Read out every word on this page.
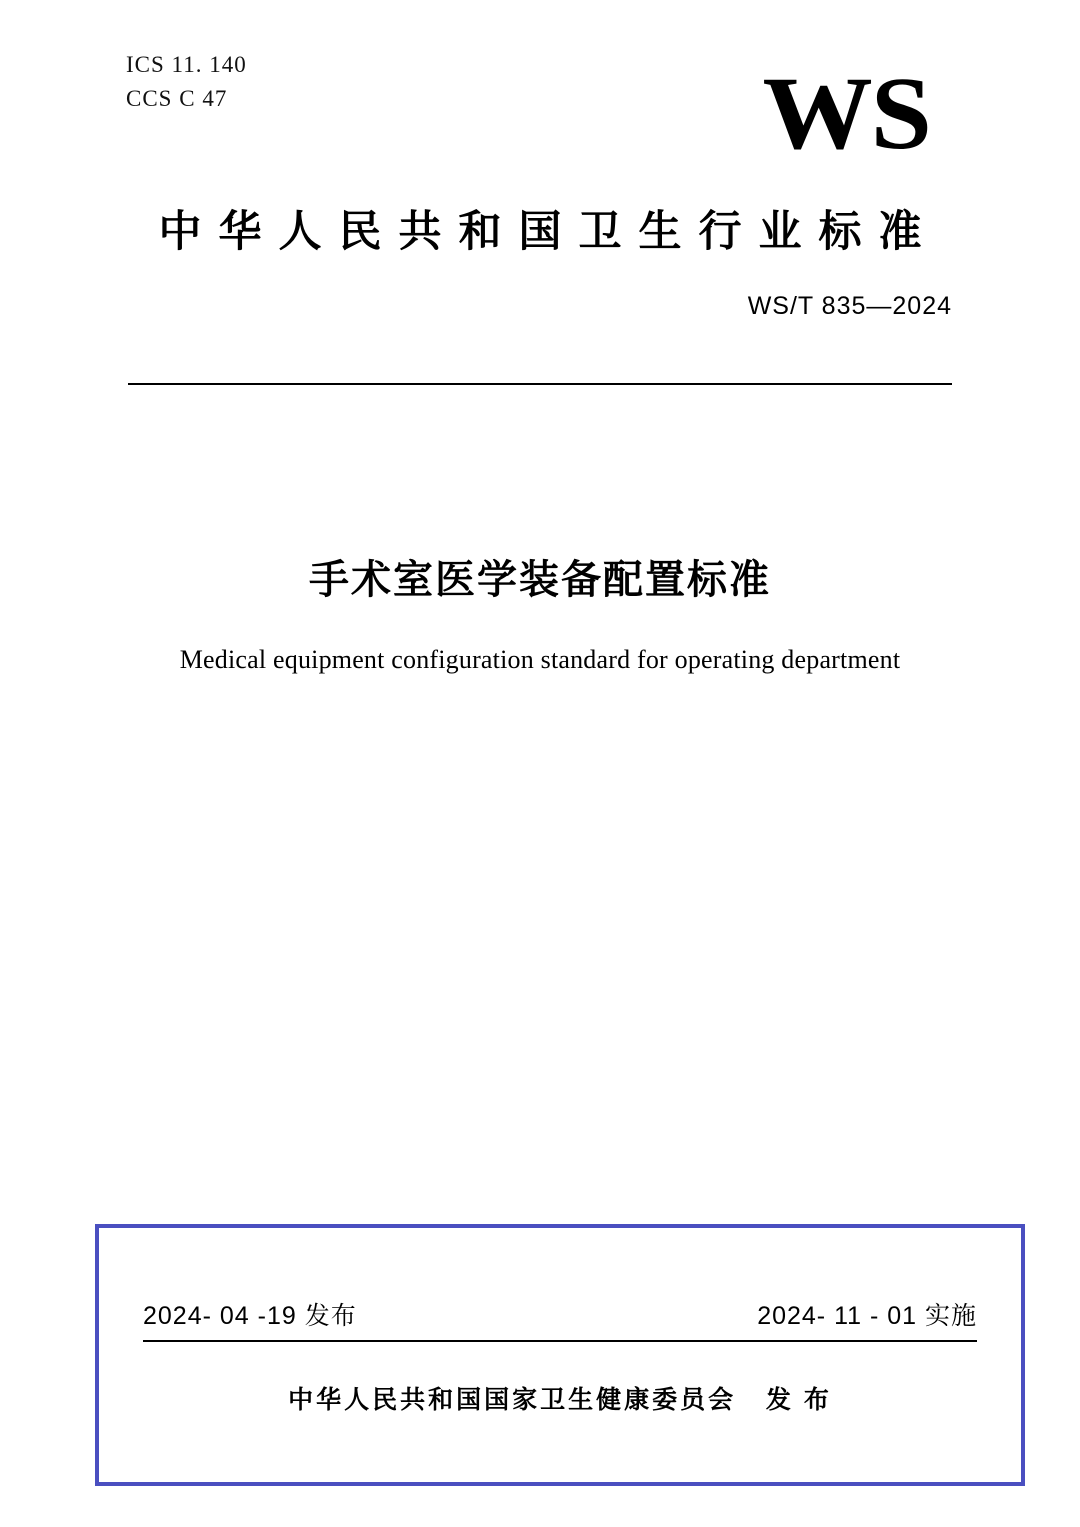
ICS 11. 140
CCS C 47	WS
中华人民共和国卫生行业标准
WS/T 835—2024
手术室医学装备配置标准
Medical equipment configuration standard for operating department
2024- 04 -19 发布	2024- 11 - 01 实施
中华人民共和国国家卫生健康委员会   发 布
